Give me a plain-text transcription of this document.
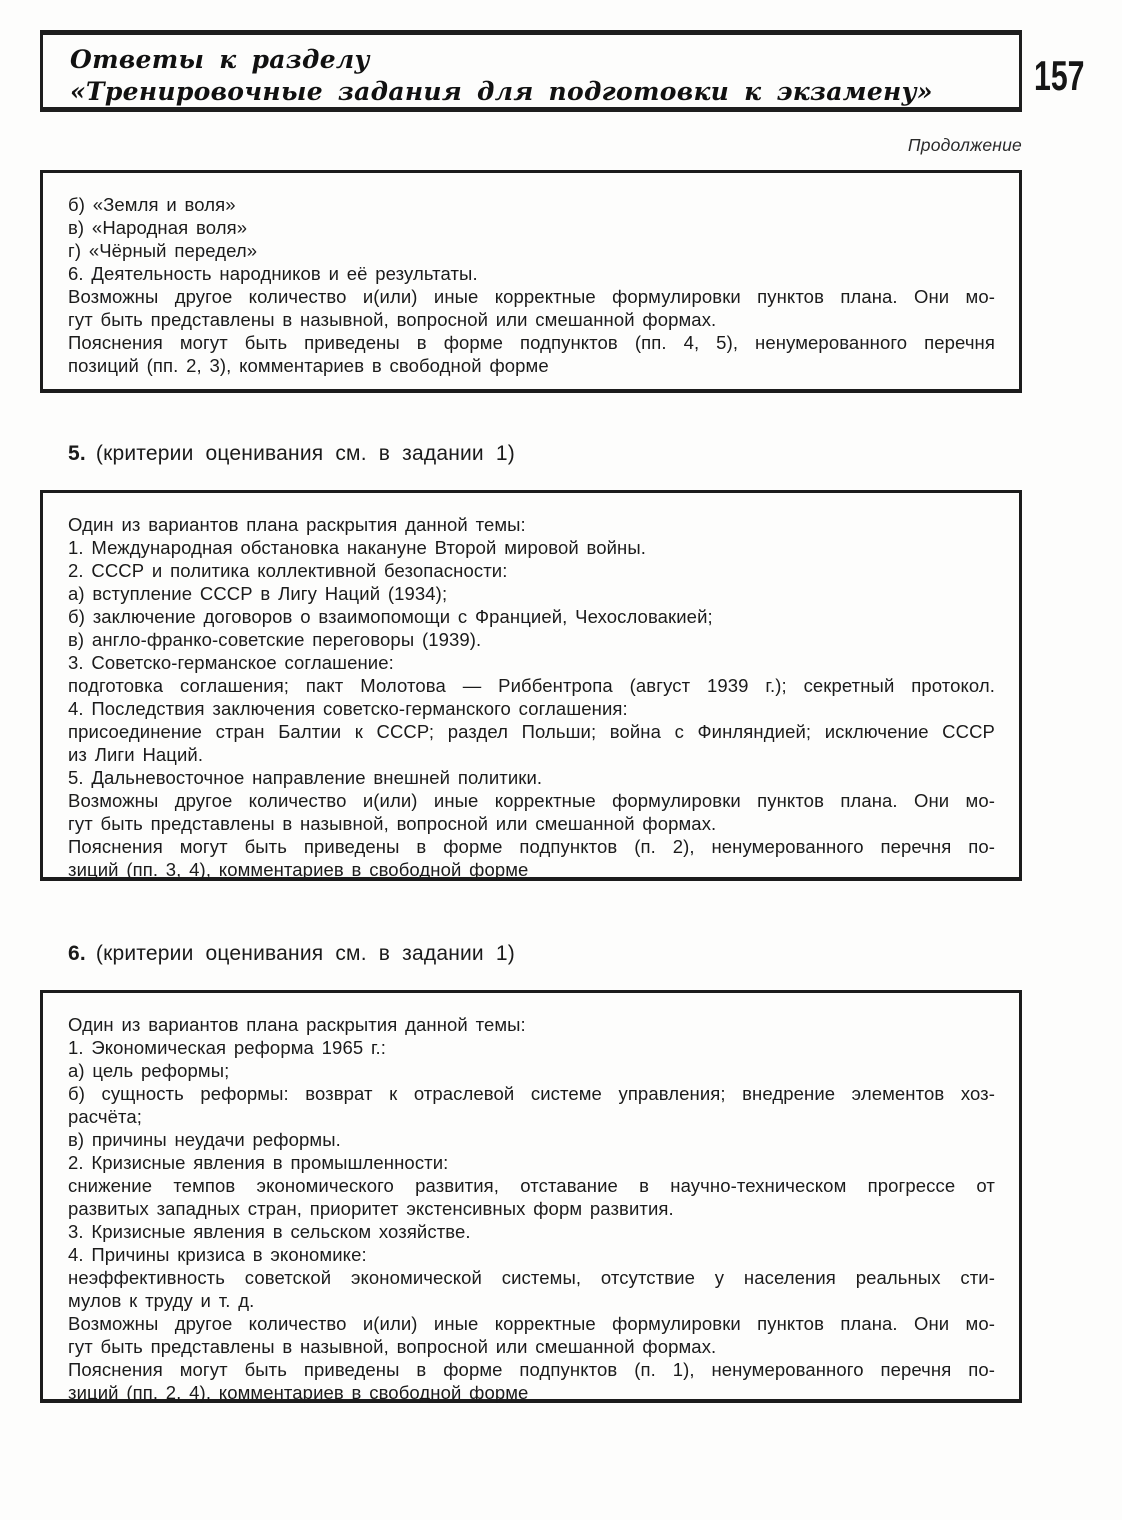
Ответы к разделу
«Тренировочные задания для подготовки к экзамену»	157
Продолжение
б) «Земля и воля»
в) «Народная воля»
г) «Чёрный передел»
6. Деятельность народников и её результаты.
Возможны другое количество и(или) иные корректные формулировки пунктов плана. Они мо-
гут быть представлены в назывной, вопросной или смешанной формах.
Пояснения могут быть приведены в форме подпунктов (пп. 4, 5), ненумерованного перечня
позиций (пп. 2, 3), комментариев в свободной форме
5. (критерии оценивания см. в задании 1)
Один из вариантов плана раскрытия данной темы:
1. Международная обстановка накануне Второй мировой войны.
2. СССР и политика коллективной безопасности:
а) вступление СССР в Лигу Наций (1934);
б) заключение договоров о взаимопомощи с Францией, Чехословакией;
в) англо-франко-советские переговоры (1939).
3. Советско-германское соглашение:
подготовка соглашения; пакт Молотова — Риббентропа (август 1939 г.); секретный протокол.
4. Последствия заключения советско-германского соглашения:
присоединение стран Балтии к СССР; раздел Польши; война с Финляндией; исключение СССР
из Лиги Наций.
5. Дальневосточное направление внешней политики.
Возможны другое количество и(или) иные корректные формулировки пунктов плана. Они мо-
гут быть представлены в назывной, вопросной или смешанной формах.
Пояснения могут быть приведены в форме подпунктов (п. 2), ненумерованного перечня по-
зиций (пп. 3, 4), комментариев в свободной форме
6. (критерии оценивания см. в задании 1)
Один из вариантов плана раскрытия данной темы:
1. Экономическая реформа 1965 г.:
а) цель реформы;
б) сущность реформы: возврат к отраслевой системе управления; внедрение элементов хоз-
расчёта;
в) причины неудачи реформы.
2. Кризисные явления в промышленности:
снижение темпов экономического развития, отставание в научно-техническом прогрессе от
развитых западных стран, приоритет экстенсивных форм развития.
3. Кризисные явления в сельском хозяйстве.
4. Причины кризиса в экономике:
неэффективность советской экономической системы, отсутствие у населения реальных сти-
мулов к труду и т. д.
Возможны другое количество и(или) иные корректные формулировки пунктов плана. Они мо-
гут быть представлены в назывной, вопросной или смешанной формах.
Пояснения могут быть приведены в форме подпунктов (п. 1), ненумерованного перечня по-
зиций (пп. 2, 4), комментариев в свободной форме
